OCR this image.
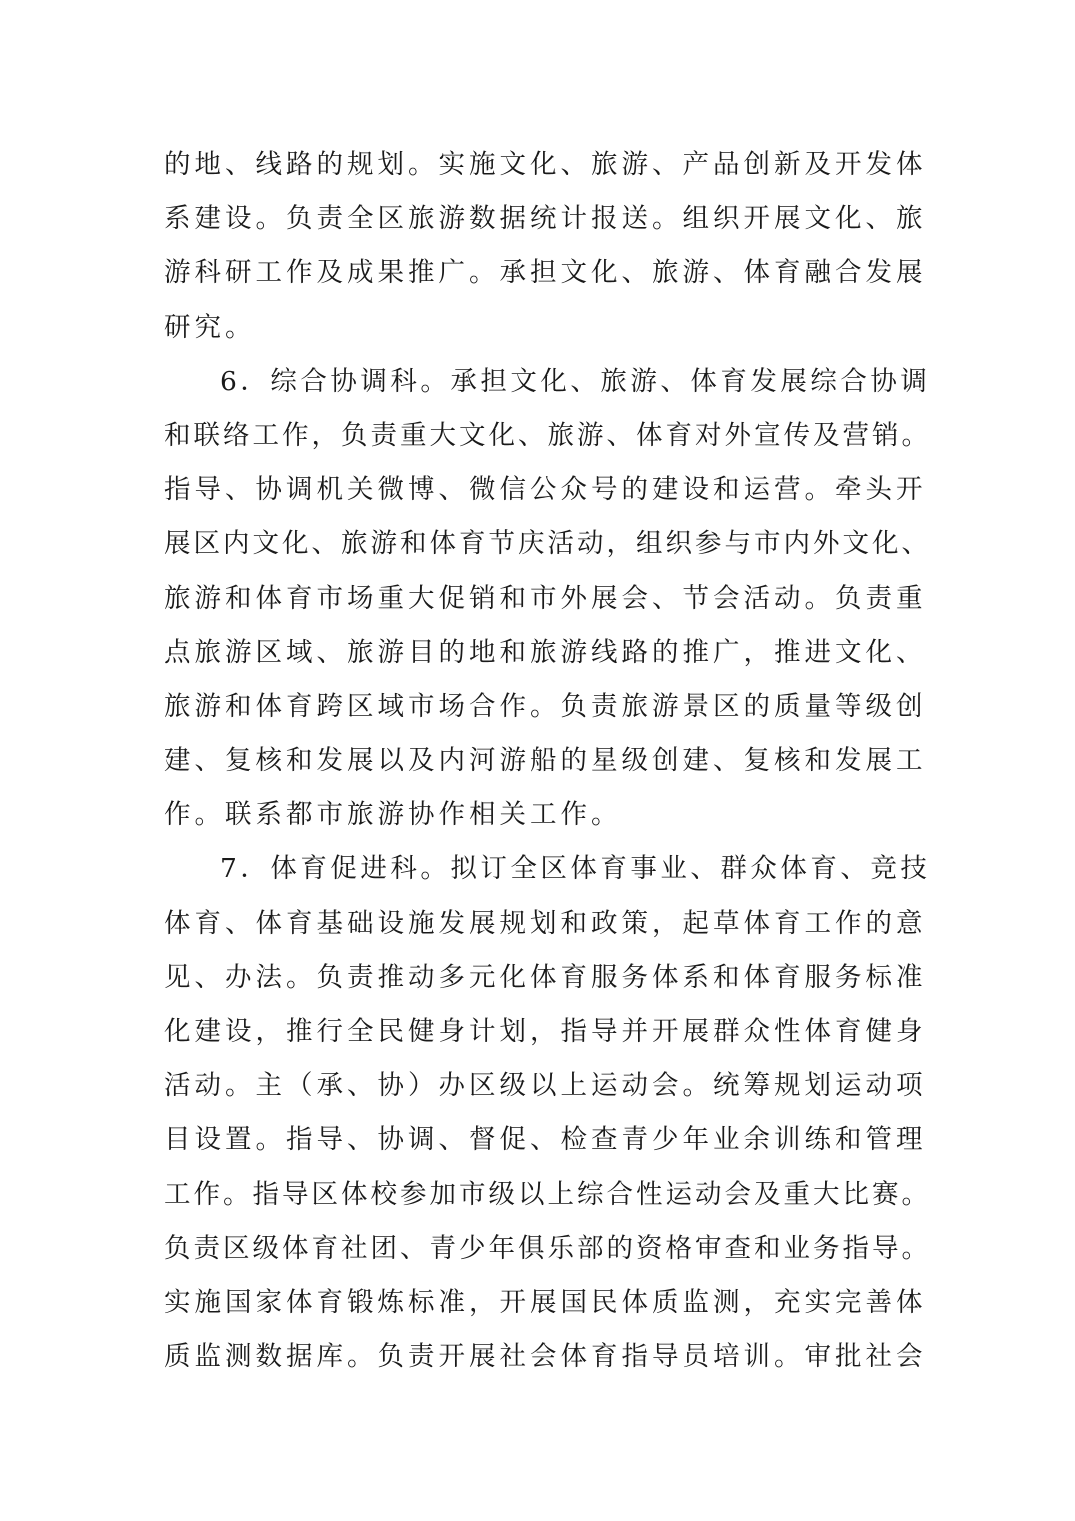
的地、线路的规划。实施文化、旅游、产品创新及开发体
系建设。负责全区旅游数据统计报送。组织开展文化、旅
游科研工作及成果推广。承担文化、旅游、体育融合发展
研究。
6．综合协调科。承担文化、旅游、体育发展综合协调
和联络工作，负责重大文化、旅游、体育对外宣传及营销。
指导、协调机关微博、微信公众号的建设和运营。牵头开
展区内文化、旅游和体育节庆活动，组织参与市内外文化、
旅游和体育市场重大促销和市外展会、节会活动。负责重
点旅游区域、旅游目的地和旅游线路的推广，推进文化、
旅游和体育跨区域市场合作。负责旅游景区的质量等级创
建、复核和发展以及内河游船的星级创建、复核和发展工
作。联系都市旅游协作相关工作。
7．体育促进科。拟订全区体育事业、群众体育、竞技
体育、体育基础设施发展规划和政策，起草体育工作的意
见、办法。负责推动多元化体育服务体系和体育服务标准
化建设，推行全民健身计划，指导并开展群众性体育健身
活动。主（承、协）办区级以上运动会。统筹规划运动项
目设置。指导、协调、督促、检查青少年业余训练和管理
工作。指导区体校参加市级以上综合性运动会及重大比赛。
负责区级体育社团、青少年俱乐部的资格审查和业务指导。
实施国家体育锻炼标准，开展国民体质监测，充实完善体
质监测数据库。负责开展社会体育指导员培训。审批社会
